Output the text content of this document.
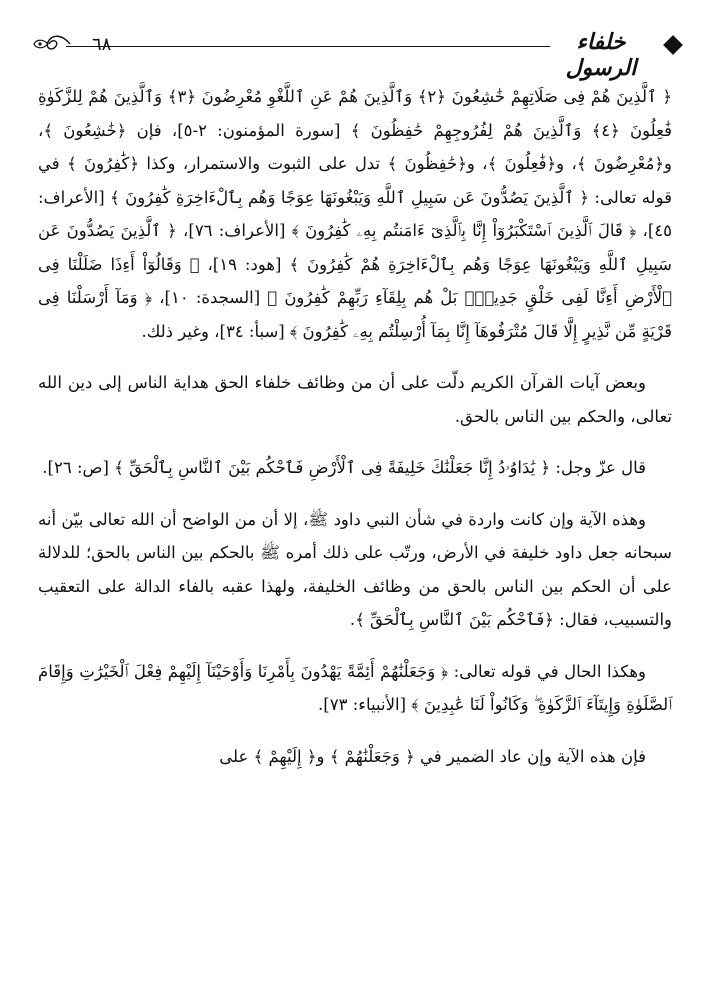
٦٨	خلفاء الرسول

﴿ ٱلَّذِينَ هُمْ فِى صَلَاتِهِمْ خَٰشِعُونَ ﴿٢﴾ وَٱلَّذِينَ هُمْ عَنِ ٱللَّغْوِ مُعْرِضُونَ ﴿٣﴾ وَٱلَّذِينَ هُمْ لِلزَّكَوٰةِ فَٰعِلُونَ ﴿٤﴾ وَٱلَّذِينَ هُمْ لِفُرُوجِهِمْ حَٰفِظُونَ ﴾ [سورة المؤمنون: ٢-٥]، فإن ﴿خَٰشِعُونَ ﴾، و﴿مُعْرِضُونَ ﴾، و﴿فَٰعِلُونَ ﴾، و﴿حَٰفِظُونَ ﴾ تدل على الثبوت والاستمرار، وكذا ﴿كَٰفِرُونَ ﴾ في قوله تعالى: ﴿ ٱلَّذِينَ يَصُدُّونَ عَن سَبِيلِ ٱللَّهِ وَيَبْغُونَهَا عِوَجًا وَهُم بِٱلْءَاخِرَةِ كَٰفِرُونَ ﴾ [الأعراف: ٤٥]، ﴿ قَالَ ٱلَّذِينَ ٱسْتَكْبَرُوٓاْ إِنَّا بِٱلَّذِىٓ ءَامَنتُم بِهِۦ كَٰفِرُونَ ﴾ [الأعراف: ٧٦]، ﴿ ٱلَّذِينَ يَصُدُّونَ عَن سَبِيلِ ٱللَّهِ وَيَبْغُونَهَا عِوَجًا وَهُم بِٱلْءَاخِرَةِ هُمْ كَٰفِرُونَ ﴾ [هود: ١٩]، ﴿ وَقَالُوٓاْ أَءِذَا ضَلَلْنَا فِى ٱلْأَرْضِ أَءِنَّا لَفِى خَلْقٍ جَدِيدٍۭ بَلْ هُم بِلِقَآءِ رَبِّهِمْ كَٰفِرُونَ ﴾ [السجدة: ١٠]، ﴿ وَمَآ أَرْسَلْنَا فِى قَرْيَةٍ مِّن نَّذِيرٍ إِلَّا قَالَ مُتْرَفُوهَآ إِنَّا بِمَآ أُرْسِلْتُم بِهِۦ كَٰفِرُونَ ﴾ [سبأ: ٣٤]، وغير ذلك.

وبعض آيات القرآن الكريم دلّت على أن من وظائف خلفاء الحق هداية الناس إلى دين الله تعالى، والحكم بين الناس بالحق.

قال عزّ وجل: ﴿ يَٰدَاوُۥدُ إِنَّا جَعَلْنَٰكَ خَلِيفَةً فِى ٱلْأَرْضِ فَٱحْكُم بَيْنَ ٱلنَّاسِ بِٱلْحَقِّ ﴾ [ص: ٢٦].

وهذه الآية وإن كانت واردة في شأن النبي داود ﷺ، إلا أن من الواضح أن الله تعالى بيّن أنه سبحانه جعل داود خليفة في الأرض، ورتّب على ذلك أمره ﷺ بالحكم بين الناس بالحق؛ للدلالة على أن الحكم بين الناس بالحق من وظائف الخليفة، ولهذا عقبه بالفاء الدالة على التعقيب والتسبيب، فقال: ﴿فَٱحْكُم بَيْنَ ٱلنَّاسِ بِٱلْحَقِّ ﴾.

وهكذا الحال في قوله تعالى: ﴿ وَجَعَلْنَٰهُمْ أَئِمَّةً يَهْدُونَ بِأَمْرِنَا وَأَوْحَيْنَآ إِلَيْهِمْ فِعْلَ ٱلْخَيْرَٰتِ وَإِقَامَ ٱلصَّلَوٰةِ وَإِيتَآءَ ٱلزَّكَوٰةِ ۖ وَكَانُواْ لَنَا عَٰبِدِينَ ﴾ [الأنبياء: ٧٣].

فإن هذه الآية وإن عاد الضمير في ﴿ وَجَعَلْنَٰهُمْ ﴾ و﴿ إِلَيْهِمْ ﴾ على
